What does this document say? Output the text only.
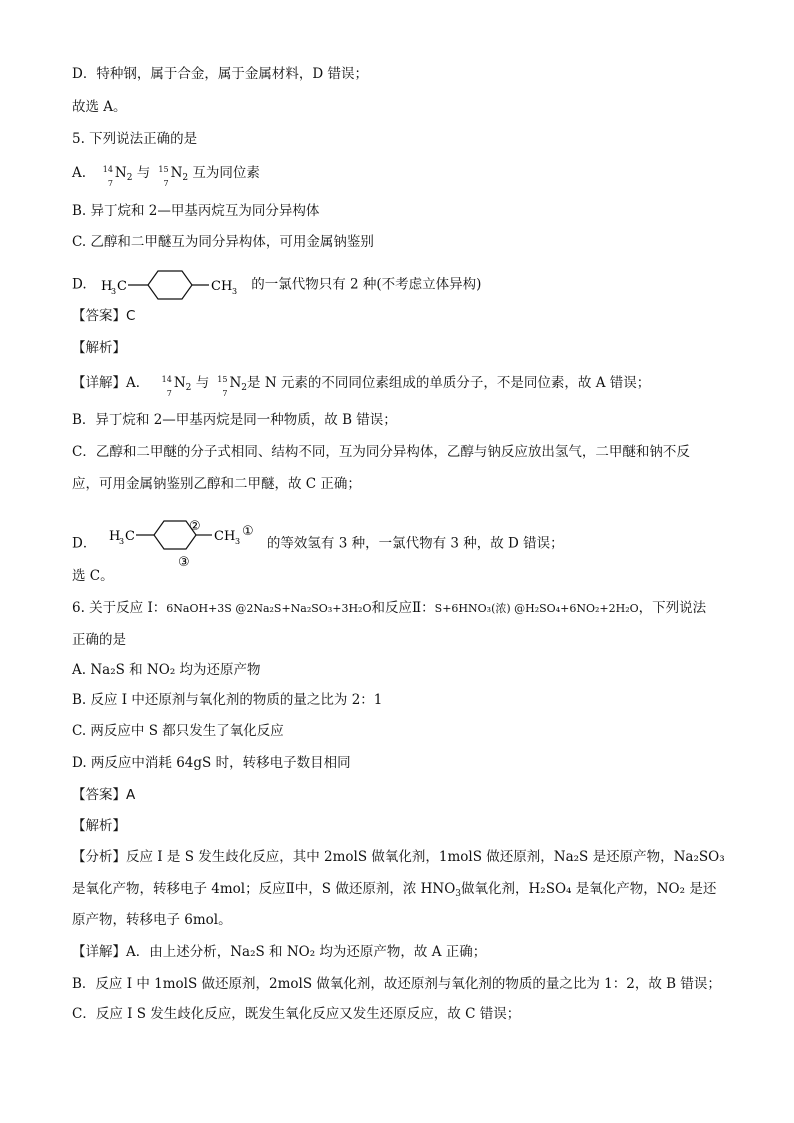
D．特种钢，属于合金，属于金属材料，D 错误；
故选 A。
5. 下列说法正确的是
A. 14
7
$N_2$ 与 15
7
$N_2$ 互为同位素
B. 异丁烷和 2—甲基丙烷互为同分异构体
C. 乙醇和二甲醚互为同分异构体，可用金属钠鉴别
D. H
3 C	CH 3 的一氯代物只有 2 种(不考虑立体异构)
【答案】C
【解析】
【详解】A． 14
7
$N_2$ 与 15
7
$N_2$是 N 元素的不同同位素组成的单质分子，不是同位素，故 A 错误；
B．异丁烷和 2—甲基丙烷是同一种物质，故 B 错误；
C．乙醇和二甲醚的分子式相同、结构不同，互为同分异构体，乙醇与钠反应放出氢气，二甲醚和钠不反
应，可用金属钠鉴别乙醇和二甲醚，故 C 正确；
D． H
3 C	CH 3
②	①
③
的等效氢有 3 种，一氯代物有 3 种，故 D 错误；
选 C。
6. 关于反应 I：6NaOH+3S @2Na₂S+Na₂SO₃+3H₂O和反应Ⅱ：S+6HNO₃(浓) @H₂SO₄+6NO₂+2H₂O，下列说法
正确的是
A. Na₂S 和 NO₂ 均为还原产物
B. 反应 I 中还原剂与氧化剂的物质的量之比为 2：1
C. 两反应中 S 都只发生了氧化反应
D. 两反应中消耗 64gS 时，转移电子数目相同
【答案】A
【解析】
【分析】反应 I 是 S 发生歧化反应，其中 2molS 做氧化剂，1molS 做还原剂，Na₂S 是还原产物，Na₂SO₃
是氧化产物，转移电子 4mol；反应Ⅱ中，S 做还原剂，浓 $HNO_3$做氧化剂，H₂SO₄ 是氧化产物，NO₂ 是还
原产物，转移电子 6mol。
【详解】A．由上述分析，Na₂S 和 NO₂ 均为还原产物，故 A 正确；
B．反应 I 中 1molS 做还原剂，2molS 做氧化剂，故还原剂与氧化剂的物质的量之比为 1：2，故 B 错误；
C．反应 I S 发生歧化反应，既发生氧化反应又发生还原反应，故 C 错误；
